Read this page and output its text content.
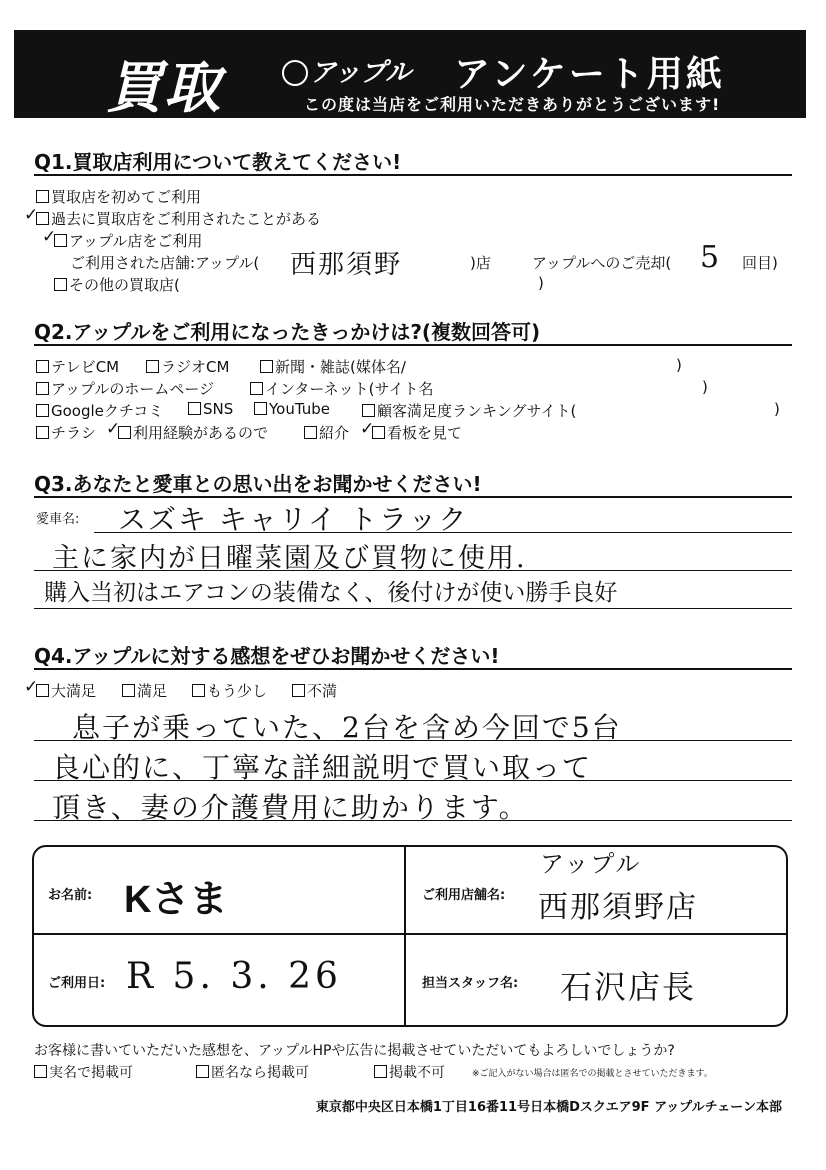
買取	アップル アンケート用紙
この度は当店をご利用いただきありがとうございます!
Q1.買取店利用について教えてください!
買取店を初めてご利用
✓過去に買取店をご利用されたことがある
✓アップル店をご利用
ご利用された店舗:アップル( 西那須野	)店	アップルへのご売却( 5 回目)
その他の買取店(	)
Q2.アップルをご利用になったきっかけは?(複数回答可)
テレビCM	ラジオCM	新聞・雑誌(媒体名/	)
アップルのホームページ	インターネット(サイト名	)
Googleクチコミ	SNS	YouTube	顧客満足度ランキングサイト(	)
チラシ ✓	利用経験があるので	紹介 ✓	看板を見て
Q3.あなたと愛車との思い出をお聞かせください!
愛車名: スズキ キャリイ トラック
主に家内が日曜菜園及び買物に使用.
購入当初はエアコンの装備なく、後付けが使い勝手良好
Q4.アップルに対する感想をぜひお聞かせください!
✓大満足	満足	もう少し	不満
息子が乗っていた、2台を含め今回で5台
良心的に、丁寧な詳細説明で買い取って
頂き、妻の介護費用に助かります。
お名前: Kさま	ご利用店舗名:
アップル
西那須野店
ご利用日: R 5. 3. 26	担当スタッフ名: 石沢店長
お客様に書いていただいた感想を、アップルHPや広告に掲載させていただいてもよろしいでしょうか?
実名で掲載可	匿名なら掲載可	掲載不可	※ご記入がない場合は匿名での掲載とさせていただきます。
東京都中央区日本橋1丁目16番11号日本橋Dスクエア9F アップルチェーン本部
